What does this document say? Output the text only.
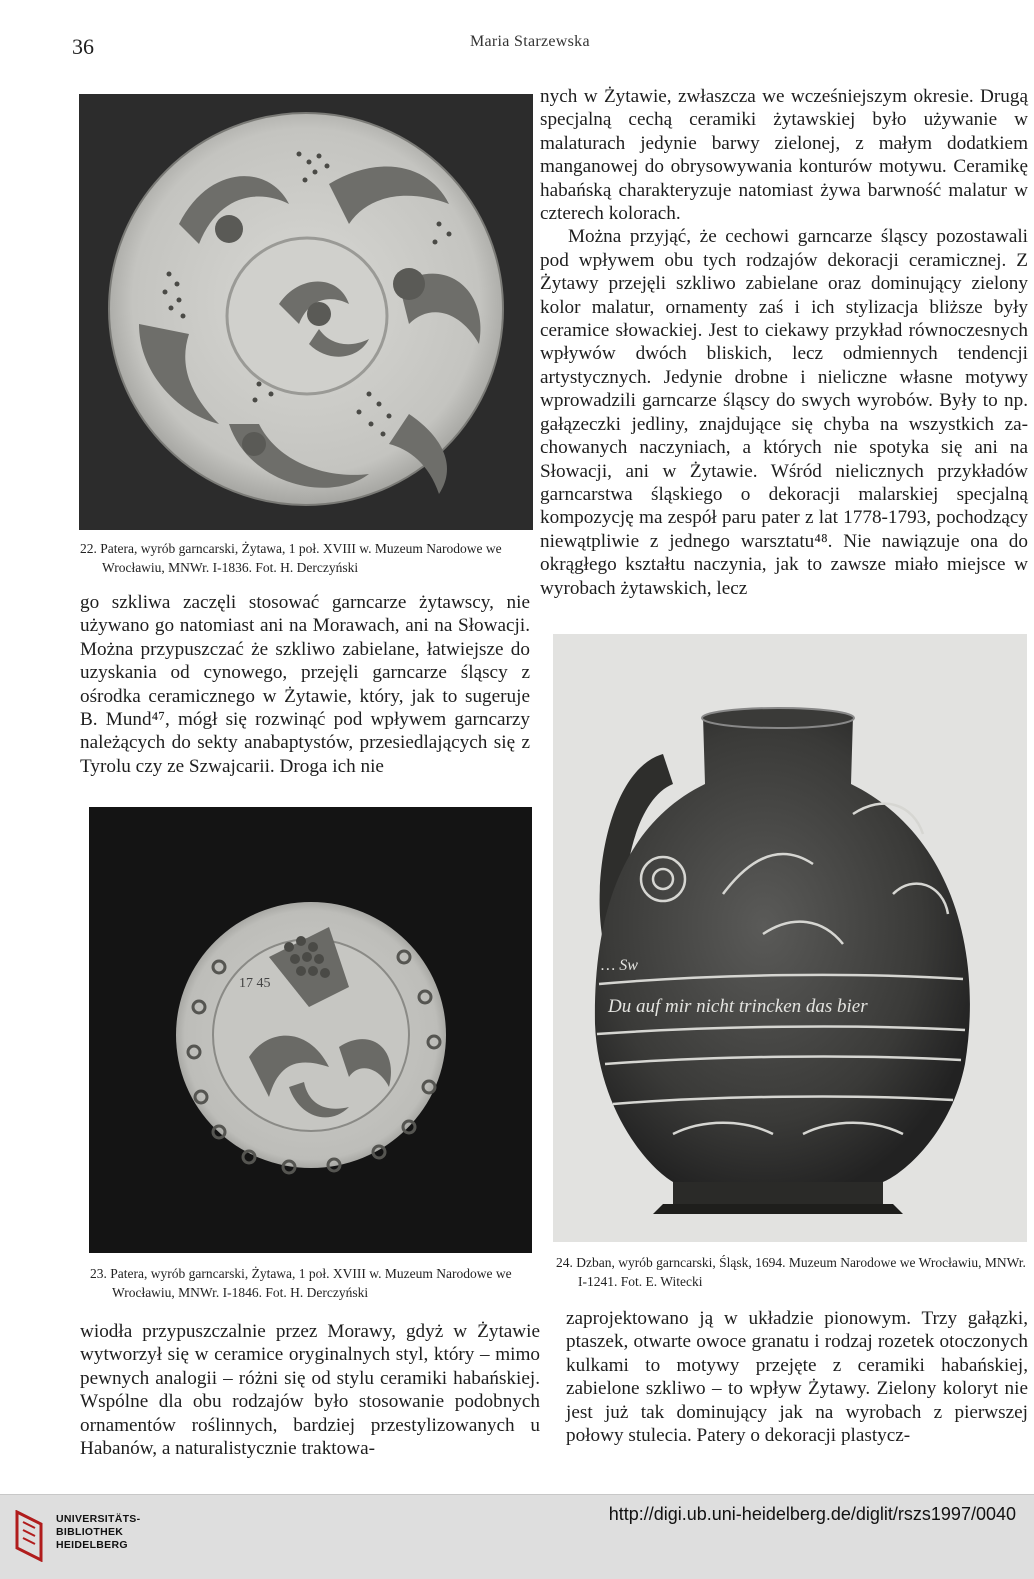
36	Maria Starzewska
22. Patera, wyrób garncarski, Żytawa, 1 poł. XVIII w. Muzeum Narodowe we Wrocławiu, MNWr. I-1836. Fot. H. Derczyński
17 45
23. Patera, wyrób garncarski, Żytawa, 1 poł. XVIII w. Muzeum Narodowe we Wrocławiu, MNWr. I-1846. Fot. H. Derczyński
Du auf mir nicht trincken das bier
… Sw
24. Dzban, wyrób garncarski, Śląsk, 1694. Muzeum Narodowe we Wrocławiu, MNWr. I-1241. Fot. E. Witecki

nych w Żytawie, zwłaszcza we wcześniejszym okresie. Drugą specjalną cechą ceramiki żytawskiej było używanie w malaturach jedynie barwy zielonej, z małym dodatkiem manganowej do obrysowywania konturów motywu. Ceramikę habańską charakteryzuje natomiast żywa barwność malatur w czterech kolorach.

Można przyjąć, że cechowi garncarze śląscy pozostawali pod wpływem obu tych rodzajów dekoracji ceramicznej. Z Żytawy przejęli szkliwo zabielane oraz dominujący zielony kolor malatur, ornamenty zaś i ich stylizacja bliższe były ceramice słowackiej. Jest to ciekawy przykład równoczesnych wpływów dwóch bliskich, lecz odmiennych tendencji artystycznych. Jedynie drobne i nieliczne własne motywy wprowadzili garncarze śląscy do swych wyrobów. Były to np. gałązeczki jedliny, znajdujące się chyba na wszystkich zachowanych naczyniach, a których nie spotyka się ani na Słowacji, ani w Żytawie. Wśród nielicznych przykładów garncarstwa śląskiego o dekoracji malarskiej specjalną kompozycję ma zespół paru pater z lat 1778-1793, pochodzący niewątpliwie z jednego warsztatu⁴⁸. Nie nawiązuje ona do okrągłego kształtu naczynia, jak to zawsze miało miejsce w wyrobach żytawskich, lecz

go szkliwa zaczęli stosować garncarze żytawscy, nie używano go natomiast ani na Morawach, ani na Słowacji. Można przypuszczać że szkliwo zabielane, łatwiejsze do uzyskania od cynowego, przejęli garncarze śląscy z ośrodka ceramicznego w Żytawie, który, jak to sugeruje B. Mund⁴⁷, mógł się rozwinąć pod wpływem garncarzy należących do sekty anabaptystów, przesiedlających się z Tyrolu czy ze Szwajcarii. Droga ich nie

wiodła przypuszczalnie przez Morawy, gdyż w Żytawie wytworzył się w ceramice oryginalnych styl, który – mimo pewnych analogii – różni się od stylu ceramiki habańskiej. Wspólne dla obu rodzajów było stosowanie podobnych ornamentów roślinnych, bardziej przestylizowanych u Habanów, a naturalistycznie traktowa-

zaprojektowano ją w układzie pionowym. Trzy gałązki, ptaszek, otwarte owoce granatu i rodzaj rozetek otoczonych kulkami to motywy przejęte z ceramiki habańskiej, zabielone szkliwo – to wpływ Żytawy. Zielony koloryt nie jest już tak dominujący jak na wyrobach z pierwszej połowy stulecia. Patery o dekoracji plastycz-

UNIVERSITÄTS-
BIBLIOTHEK
HEIDELBERG
http://digi.ub.uni-heidelberg.de/diglit/rszs1997/0040
